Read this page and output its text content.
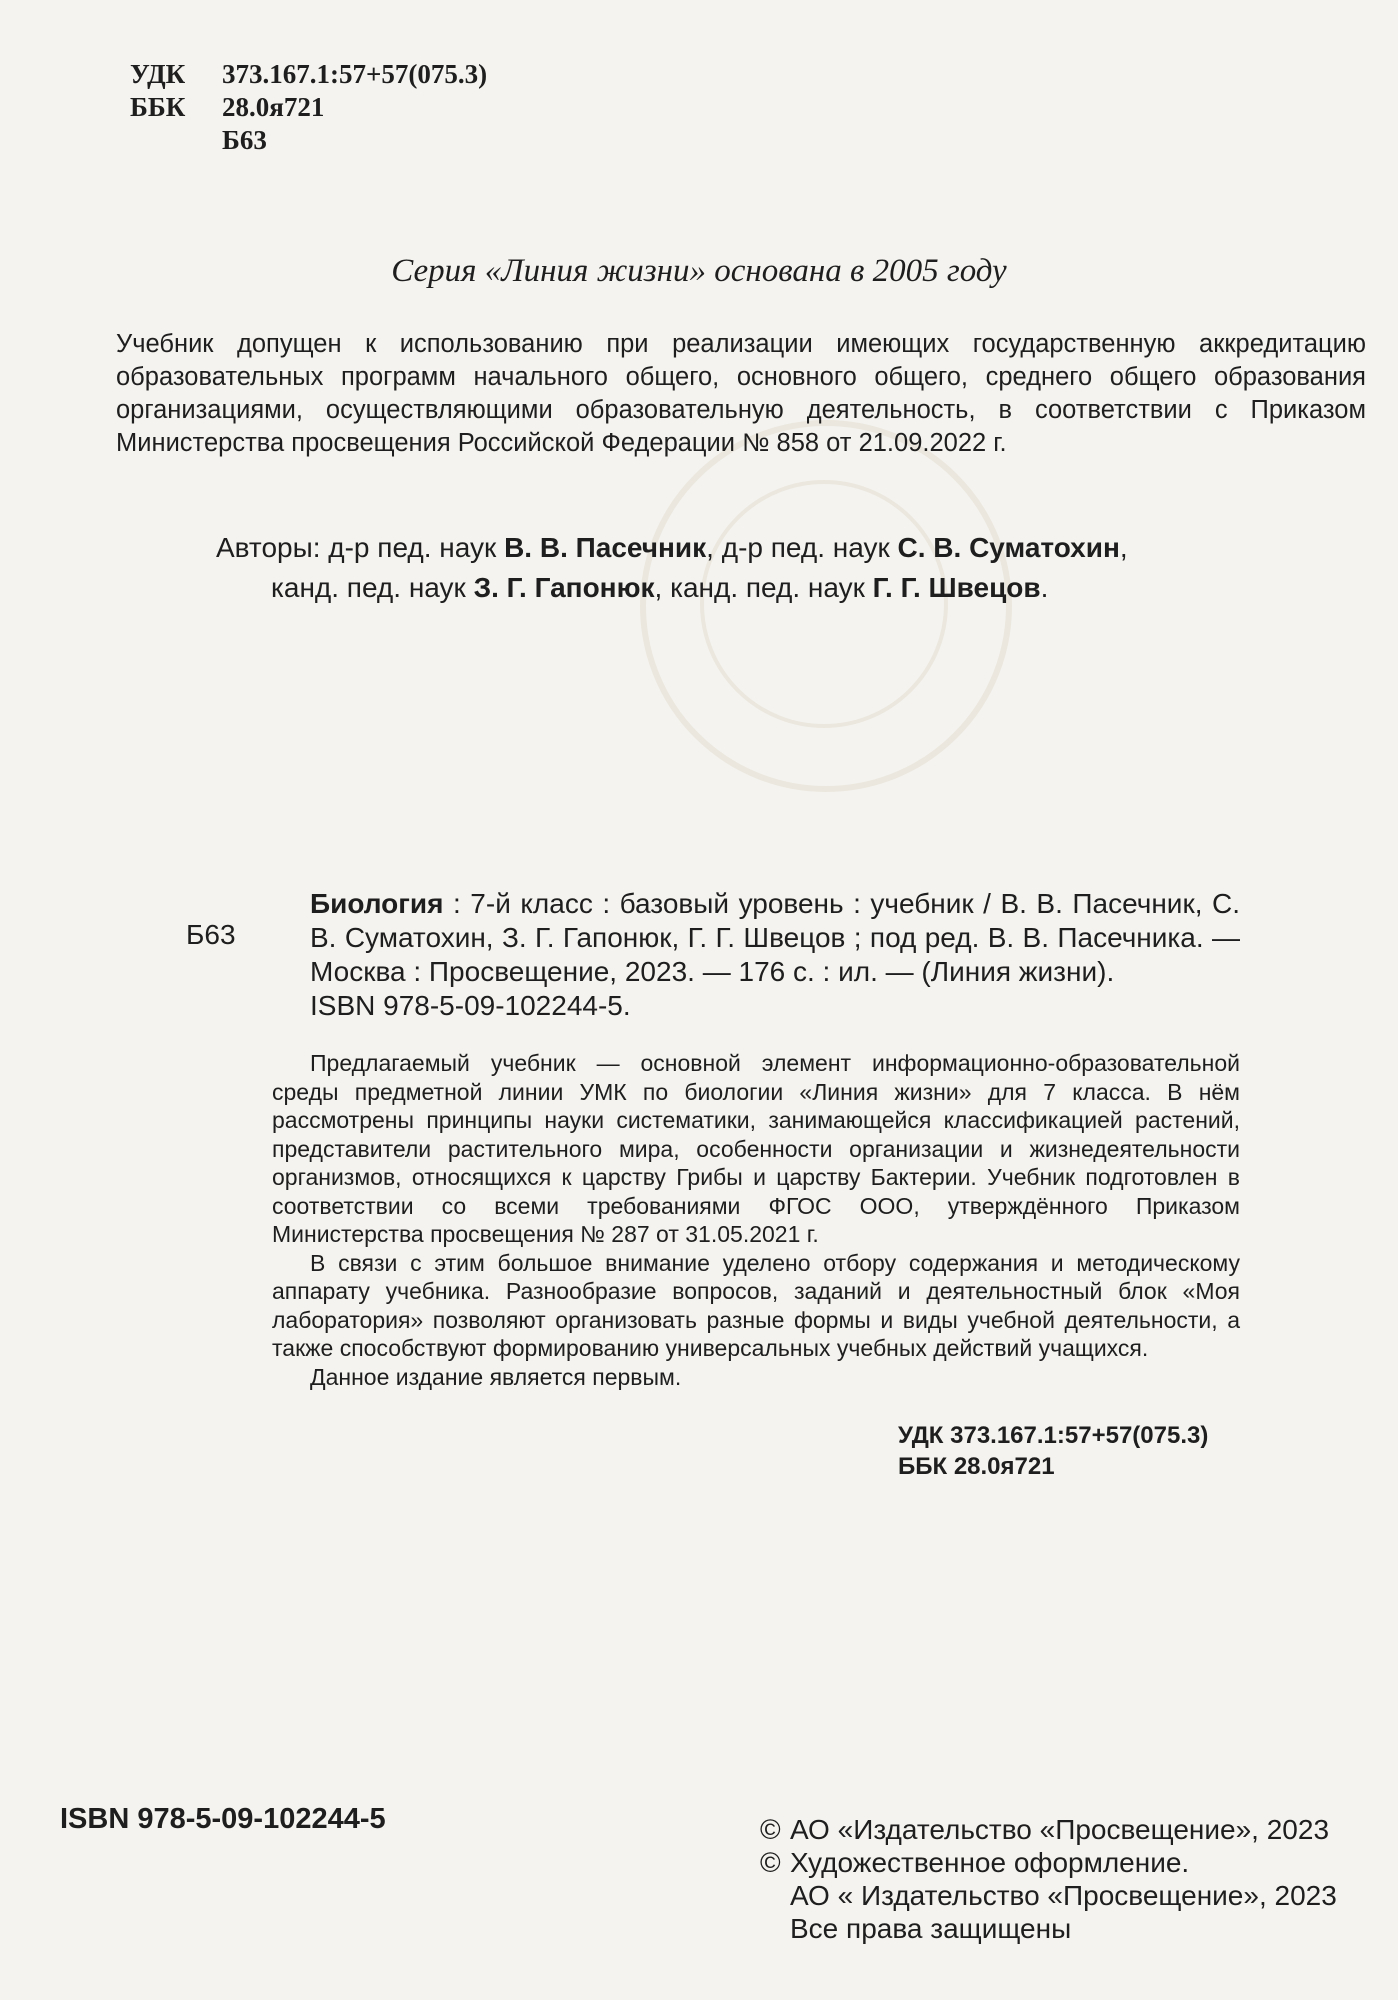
УДК	373.167.1:57+57(075.3)
ББК	28.0я721
Б63
Серия «Линия жизни» основана в 2005 году
Учебник допущен к использованию при реализации имеющих государственную аккредитацию образовательных программ начального общего, основного общего, среднего общего образования организациями, осуществляющими образовательную деятельность, в соответствии с Приказом Министерства просвещения Российской Федерации № 858 от 21.09.2022 г.
Авторы: д-р пед. наук В. В. Пасечник, д-р пед. наук С. В. Суматохин,
канд. пед. наук З. Г. Гапонюк, канд. пед. наук Г. Г. Швецов.
Б63
Биология : 7-й класс : базовый уровень : учебник / В. В. Пасечник, С. В. Суматохин, З. Г. Гапонюк, Г. Г. Швецов ; под ред. В. В. Пасечника. — Москва : Просвещение, 2023. — 176 с. : ил. — (Линия жизни).
ISBN 978-5-09-102244-5.

Предлагаемый учебник — основной элемент информационно-образовательной среды предметной линии УМК по биологии «Линия жизни» для 7 класса. В нём рассмотрены принципы науки систематики, занимающейся классификацией растений, представители растительного мира, особенности организации и жизнедеятельности организмов, относящихся к царству Грибы и царству Бактерии. Учебник подготовлен в соответствии со всеми требованиями ФГОС ООО, утверждённого Приказом Министерства просвещения № 287 от 31.05.2021 г.

В связи с этим большое внимание уделено отбору содержания и методическому аппарату учебника. Разнообразие вопросов, заданий и деятельностный блок «Моя лаборатория» позволяют организовать разные формы и виды учебной деятельности, а также способствуют формированию универсальных учебных действий учащихся.

Данное издание является первым.

УДК 373.167.1:57+57(075.3)
ББК 28.0я721
ISBN 978-5-09-102244-5	© АО «Издательство «Просвещение», 2023
© Художественное оформление.
АО « Издательство «Просвещение», 2023
Все права защищены
